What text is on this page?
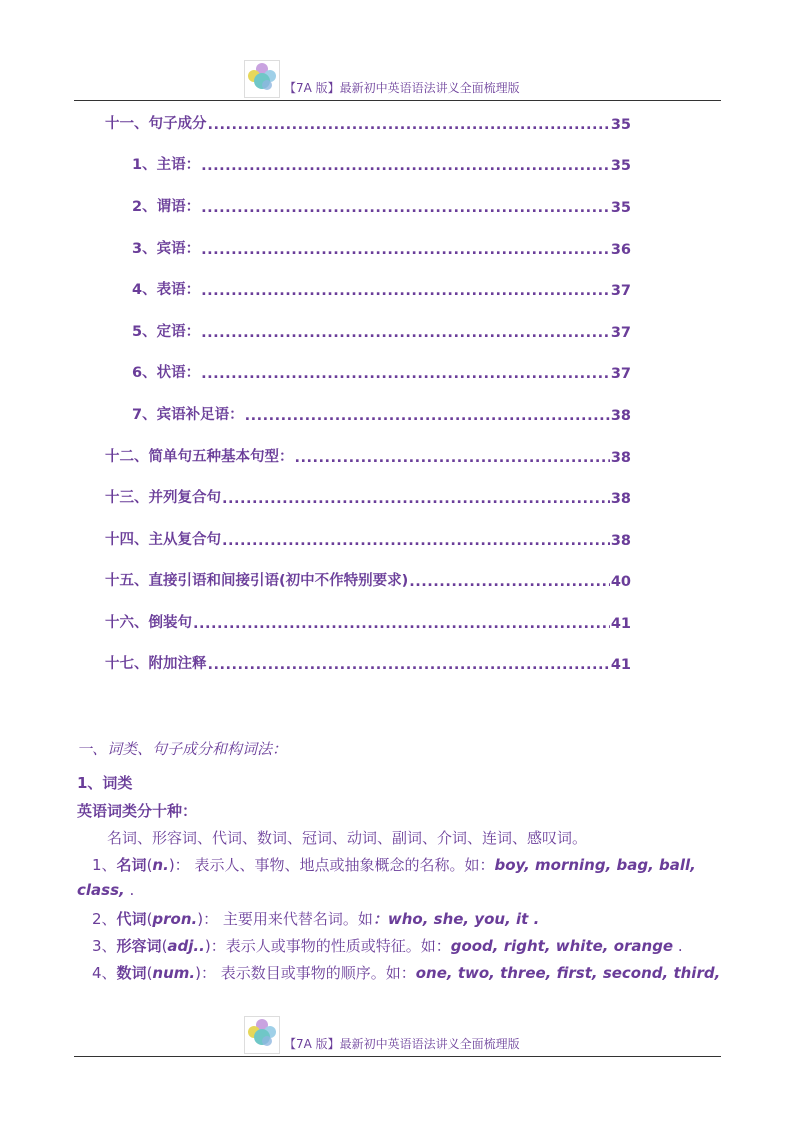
【7A 版】最新初中英语语法讲义全面梳理版
十一、句子成分 .....	35
1、主语： .....	35
2、谓语： .....	35
3、宾语： .....	36
4、表语： .....	37
5、定语： .....	37
6、状语： .....	37
7、宾语补足语： .....	38
十二、简单句五种基本句型： .....	38
十三、并列复合句 .....	38
十四、主从复合句 .....	38
十五、直接引语和间接引语(初中不作特别要求) .....	40
十六、倒装句 .....	41
十七、附加注释 .....	41
一、词类、句子成分和构词法：
1、词类
英语词类分十种：
名词、形容词、代词、数词、冠词、动词、副词、介词、连词、感叹词。
1、名词(n.)： 表示人、事物、地点或抽象概念的名称。如：boy, morning, bag, ball,
class, .
2、代词(pron.)： 主要用来代替名词。如：who, she, you, it .
3、形容词(adj..)：表示人或事物的性质或特征。如：good, right, white, orange .
4、数词(num.)： 表示数目或事物的顺序。如：one, two, three, first, second, third,
【7A 版】最新初中英语语法讲义全面梳理版
